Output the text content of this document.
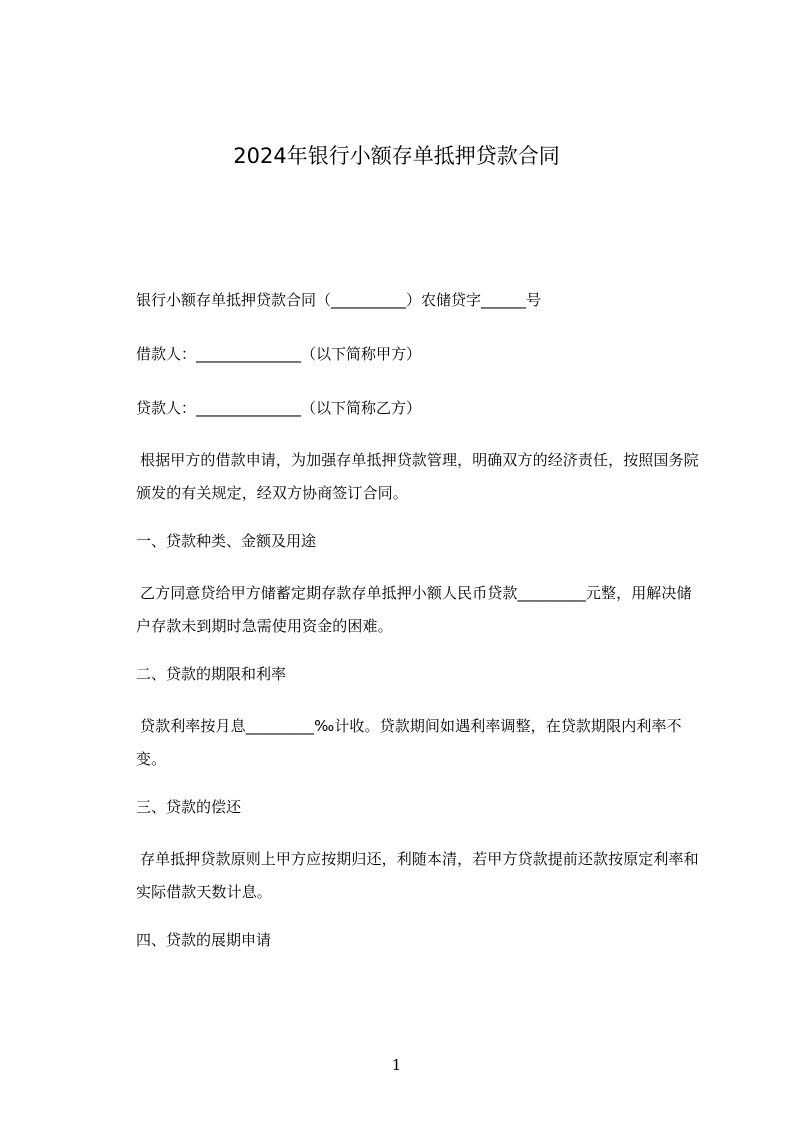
2024年银行小额存单抵押贷款合同
银行小额存单抵押贷款合同（__________）农储贷字______号
借款人：______________（以下简称甲方）
贷款人：______________（以下简称乙方）
根据甲方的借款申请，为加强存单抵押贷款管理，明确双方的经济责任，按照国务院颁发的有关规定，经双方协商签订合同。
一、贷款种类、金额及用途
乙方同意贷给甲方储蓄定期存款存单抵押小额人民币贷款_________元整，用解决储户存款未到期时急需使用资金的困难。
二、贷款的期限和利率
贷款利率按月息_________‰计收。贷款期间如遇利率调整，在贷款期限内利率不变。
三、贷款的偿还
存单抵押贷款原则上甲方应按期归还，利随本清，若甲方贷款提前还款按原定利率和实际借款天数计息。
四、贷款的展期申请
1
